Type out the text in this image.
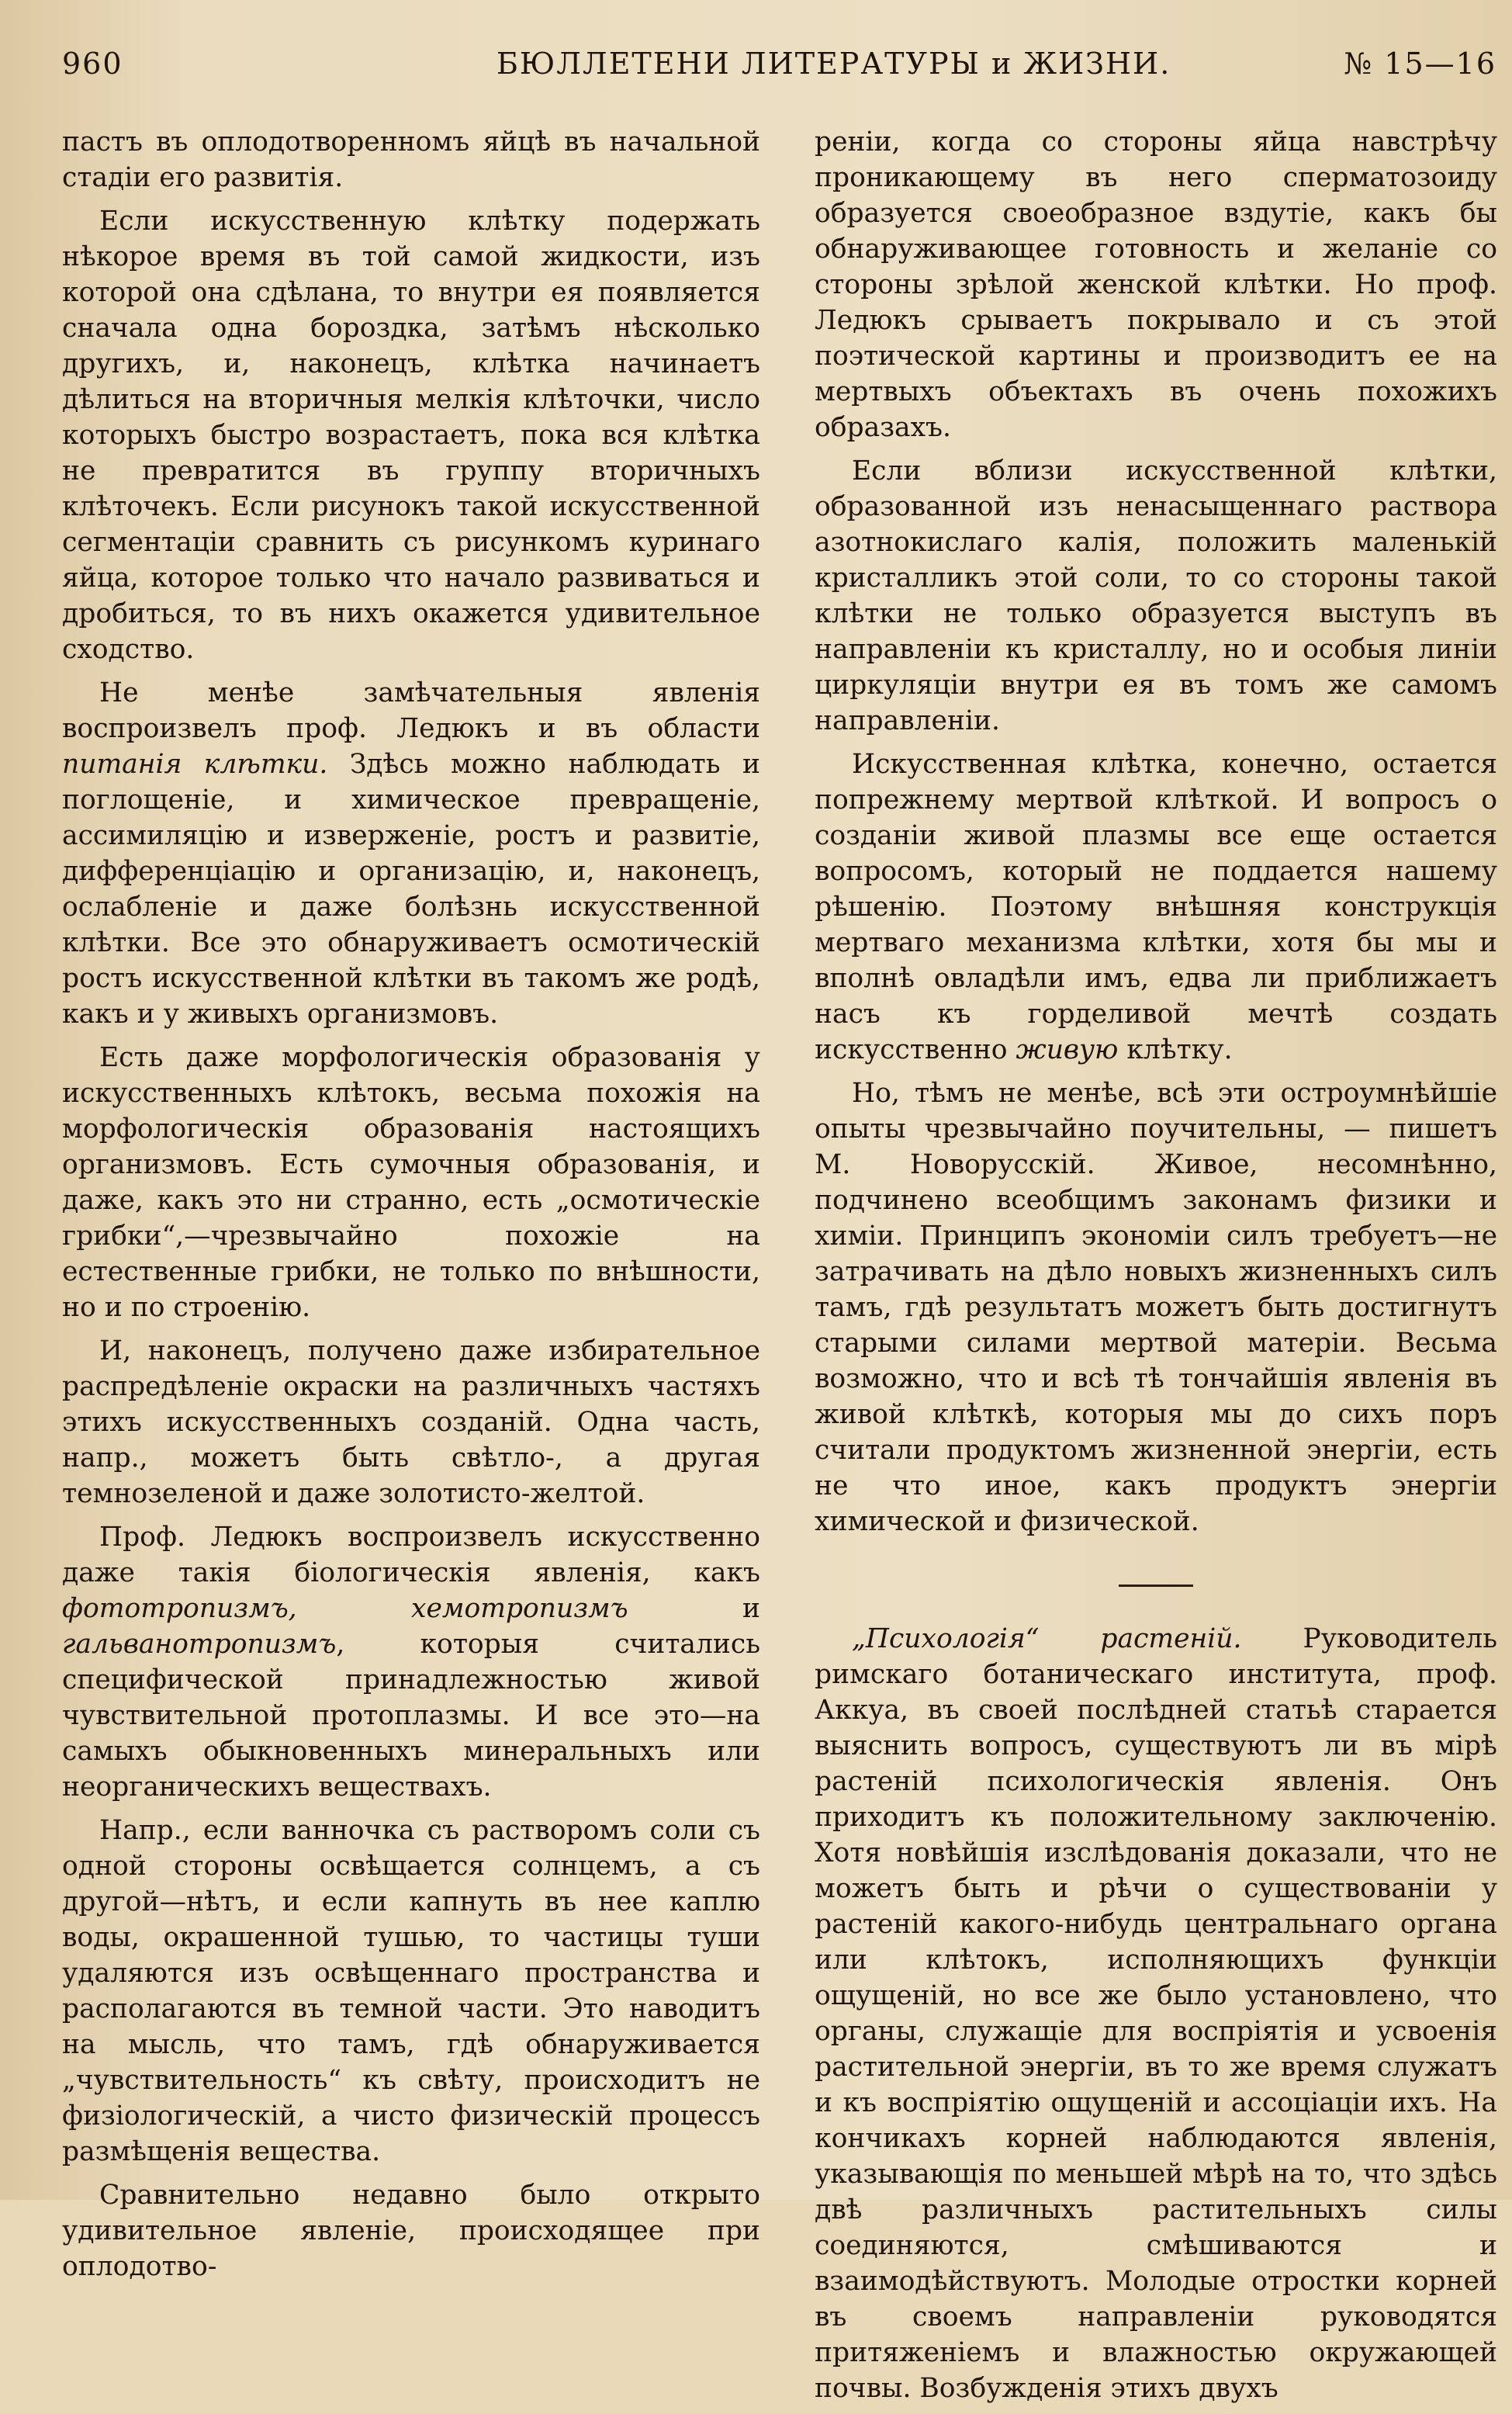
960	БЮЛЛЕТЕНИ ЛИТЕРАТУРЫ и ЖИЗНИ.	№ 15—16

пастъ въ оплодотворенномъ яйцѣ въ начальной стадіи его развитія.

Если искусственную клѣтку подержать нѣкорое время въ той самой жидкости, изъ которой она сдѣлана, то внутри ея появляется сначала одна бороздка, затѣмъ нѣсколько другихъ, и, наконецъ, клѣтка начинаетъ дѣлиться на вторичныя мелкія клѣточки, число которыхъ быстро возрастаетъ, пока вся клѣтка не превратится въ группу вторичныхъ клѣточекъ. Если рисунокъ такой искусственной сегментаціи сравнить съ рисункомъ куринаго яйца, которое только что начало развиваться и дробиться, то въ нихъ окажется удивительное сходство.

Не менѣе замѣчательныя явленія воспроизвелъ проф. Ледюкъ и въ области питанія клѣтки. Здѣсь можно наблюдать и поглощеніе, и химическое превращеніе, ассимиляцію и изверженіе, ростъ и развитіе, дифференціацію и организацію, и, наконецъ, ослабленіе и даже болѣзнь искусственной клѣтки. Все это обнаруживаетъ осмотическій ростъ искусственной клѣтки въ такомъ же родѣ, какъ и у живыхъ организмовъ.

Есть даже морфологическія образованія у искусственныхъ клѣтокъ, весьма похожія на морфологическія образованія настоящихъ организмовъ. Есть сумочныя образованія, и даже, какъ это ни странно, есть „осмотическіе грибки“,—чрезвычайно похожіе на естественные грибки, не только по внѣшности, но и по строенію.

И, наконецъ, получено даже избирательное распредѣленіе окраски на различныхъ частяхъ этихъ искусственныхъ созданій. Одна часть, напр., можетъ быть свѣтло-, а другая темнозеленой и даже золотисто-желтой.

Проф. Ледюкъ воспроизвелъ искусственно даже такія біологическія явленія, какъ фототропизмъ, хемотропизмъ и гальванотропизмъ, которыя считались специфической принадлежностью живой чувствительной протоплазмы. И все это—на самыхъ обыкновенныхъ минеральныхъ или неорганическихъ веществахъ.

Напр., если ванночка съ растворомъ соли съ одной стороны освѣщается солнцемъ, а съ другой—нѣтъ, и если капнуть въ нее каплю воды, окрашенной тушью, то частицы туши удаляются изъ освѣщеннаго пространства и располагаются въ темной части. Это наводитъ на мысль, что тамъ, гдѣ обнаруживается „чувствительность“ къ свѣту, происходитъ не физіологическій, а чисто физическій процессъ размѣщенія вещества.

Сравнительно недавно было открыто удивительное явленіе, происходящее при оплодотво-

реніи, когда со стороны яйца навстрѣчу проникающему въ него сперматозоиду образуется своеобразное вздутіе, какъ бы обнаруживающее готовность и желаніе со стороны зрѣлой женской клѣтки. Но проф. Ледюкъ срываетъ покрывало и съ этой поэтической картины и производитъ ее на мертвыхъ объектахъ въ очень похожихъ образахъ.

Если вблизи искусственной клѣтки, образованной изъ ненасыщеннаго раствора азотнокислаго калія, положить маленькій кристалликъ этой соли, то со стороны такой клѣтки не только образуется выступъ въ направленіи къ кристаллу, но и особыя линіи циркуляціи внутри ея въ томъ же самомъ направленіи.

Искусственная клѣтка, конечно, остается попрежнему мертвой клѣткой. И вопросъ о созданіи живой плазмы все еще остается вопросомъ, который не поддается нашему рѣшенію. Поэтому внѣшняя конструкція мертваго механизма клѣтки, хотя бы мы и вполнѣ овладѣли имъ, едва ли приближаетъ насъ къ горделивой мечтѣ создать искусственно живую клѣтку.

Но, тѣмъ не менѣе, всѣ эти остроумнѣйшіе опыты чрезвычайно поучительны, — пишетъ М. Новорусскій. Живое, несомнѣнно, подчинено всеобщимъ законамъ физики и химіи. Принципъ экономіи силъ требуетъ—не затрачивать на дѣло новыхъ жизненныхъ силъ тамъ, гдѣ результатъ можетъ быть достигнутъ старыми силами мертвой матеріи. Весьма возможно, что и всѣ тѣ тончайшія явленія въ живой клѣткѣ, которыя мы до сихъ поръ считали продуктомъ жизненной энергіи, есть не что иное, какъ продуктъ энергіи химической и физической.

„Психологія“ растеній. Руководитель римскаго ботаническаго института, проф. Аккуа, въ своей послѣдней статьѣ старается выяснить вопросъ, существуютъ ли въ мірѣ растеній психологическія явленія. Онъ приходитъ къ положительному заключенію. Хотя новѣйшія изслѣдованія доказали, что не можетъ быть и рѣчи о существованіи у растеній какого-нибудь центральнаго органа или клѣтокъ, исполняющихъ функціи ощущеній, но все же было установлено, что органы, служащіе для воспріятія и усвоенія растительной энергіи, въ то же время служатъ и къ воспріятію ощущеній и ассоціаціи ихъ. На кончикахъ корней наблюдаются явленія, указывающія по меньшей мѣрѣ на то, что здѣсь двѣ различныхъ растительныхъ силы соединяются, смѣшиваются и взаимодѣйствуютъ. Молодые отростки корней въ своемъ направленіи руководятся притяженіемъ и влажностью окружающей почвы. Возбужденія этихъ двухъ
